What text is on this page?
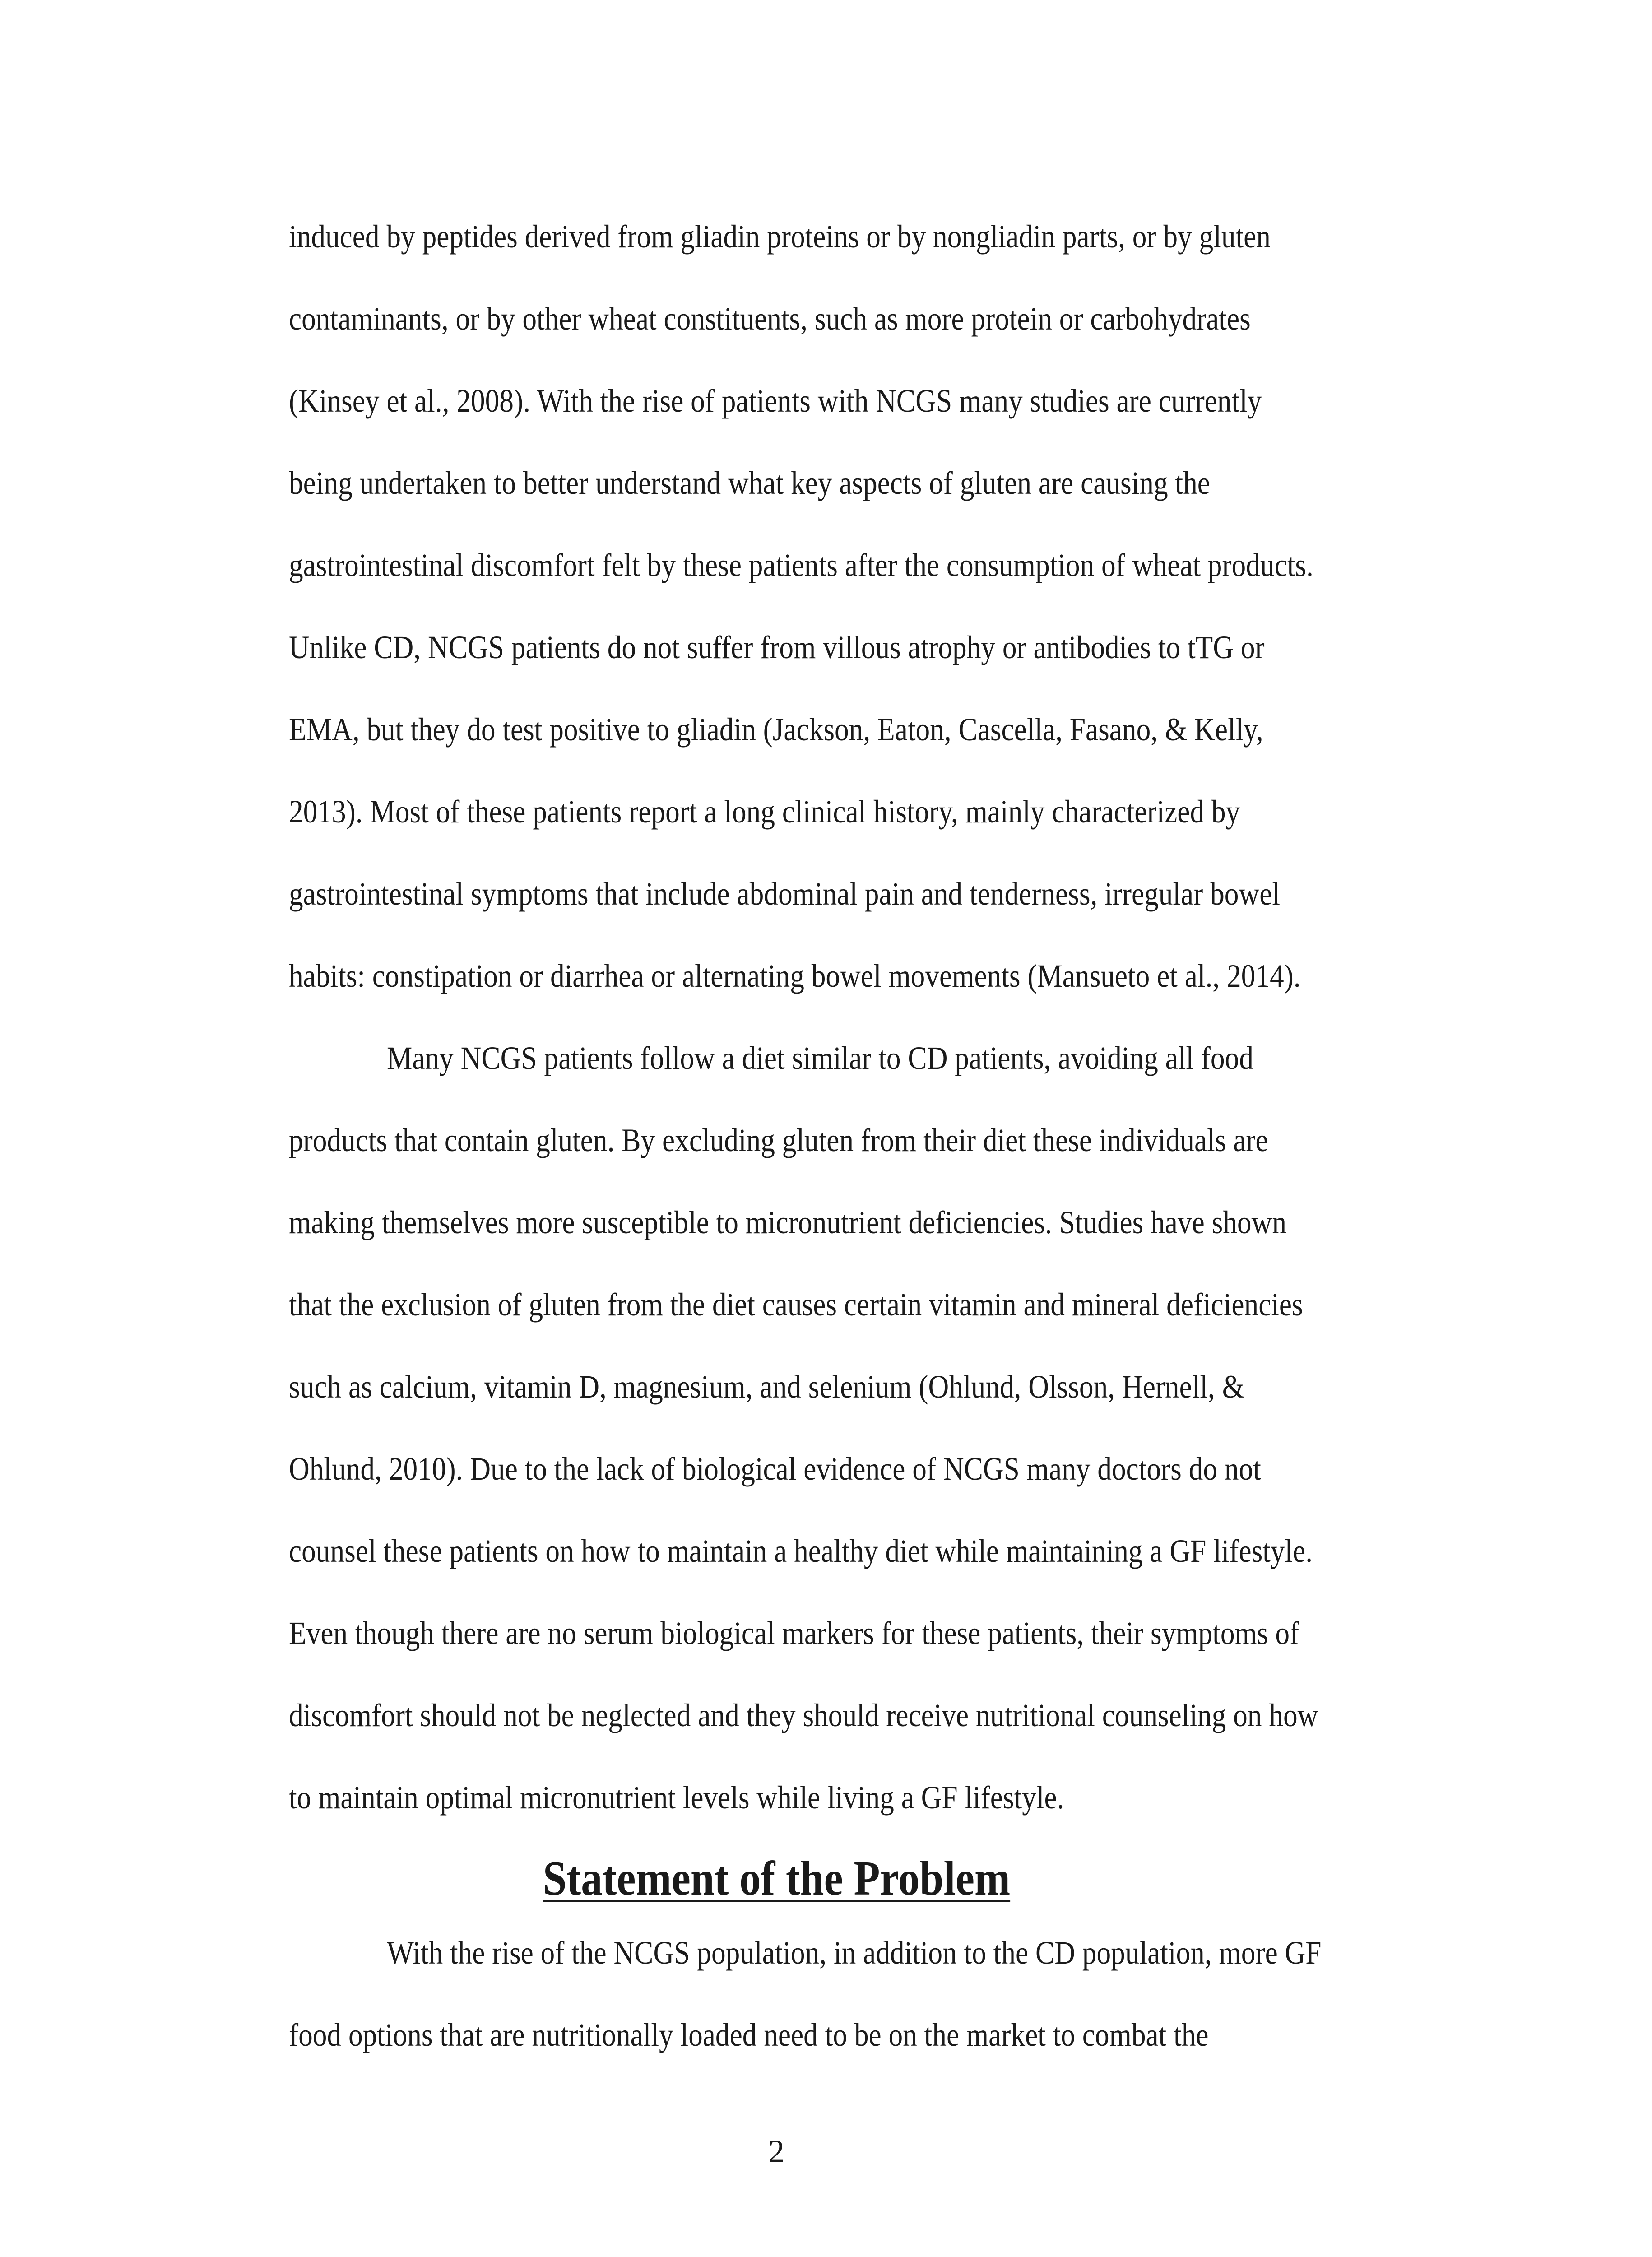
induced by peptides derived from gliadin proteins or by nongliadin parts, or by gluten

contaminants, or by other wheat constituents, such as more protein or carbohydrates

(Kinsey et al., 2008). With the rise of patients with NCGS many studies are currently

being undertaken to better understand what key aspects of gluten are causing the

gastrointestinal discomfort felt by these patients after the consumption of wheat products.

Unlike CD, NCGS patients do not suffer from villous atrophy or antibodies to tTG or

EMA, but they do test positive to gliadin (Jackson, Eaton, Cascella, Fasano, & Kelly,

2013). Most of these patients report a long clinical history, mainly characterized by

gastrointestinal symptoms that include abdominal pain and tenderness, irregular bowel

habits: constipation or diarrhea or alternating bowel movements (Mansueto et al., 2014).

Many NCGS patients follow a diet similar to CD patients, avoiding all food

products that contain gluten. By excluding gluten from their diet these individuals are

making themselves more susceptible to micronutrient deficiencies. Studies have shown

that the exclusion of gluten from the diet causes certain vitamin and mineral deficiencies

such as calcium, vitamin D, magnesium, and selenium (Ohlund, Olsson, Hernell, &

Ohlund, 2010). Due to the lack of biological evidence of NCGS many doctors do not

counsel these patients on how to maintain a healthy diet while maintaining a GF lifestyle.

Even though there are no serum biological markers for these patients, their symptoms of

discomfort should not be neglected and they should receive nutritional counseling on how

to maintain optimal micronutrient levels while living a GF lifestyle.

Statement of the Problem

With the rise of the NCGS population, in addition to the CD population, more GF

food options that are nutritionally loaded need to be on the market to combat the

2
